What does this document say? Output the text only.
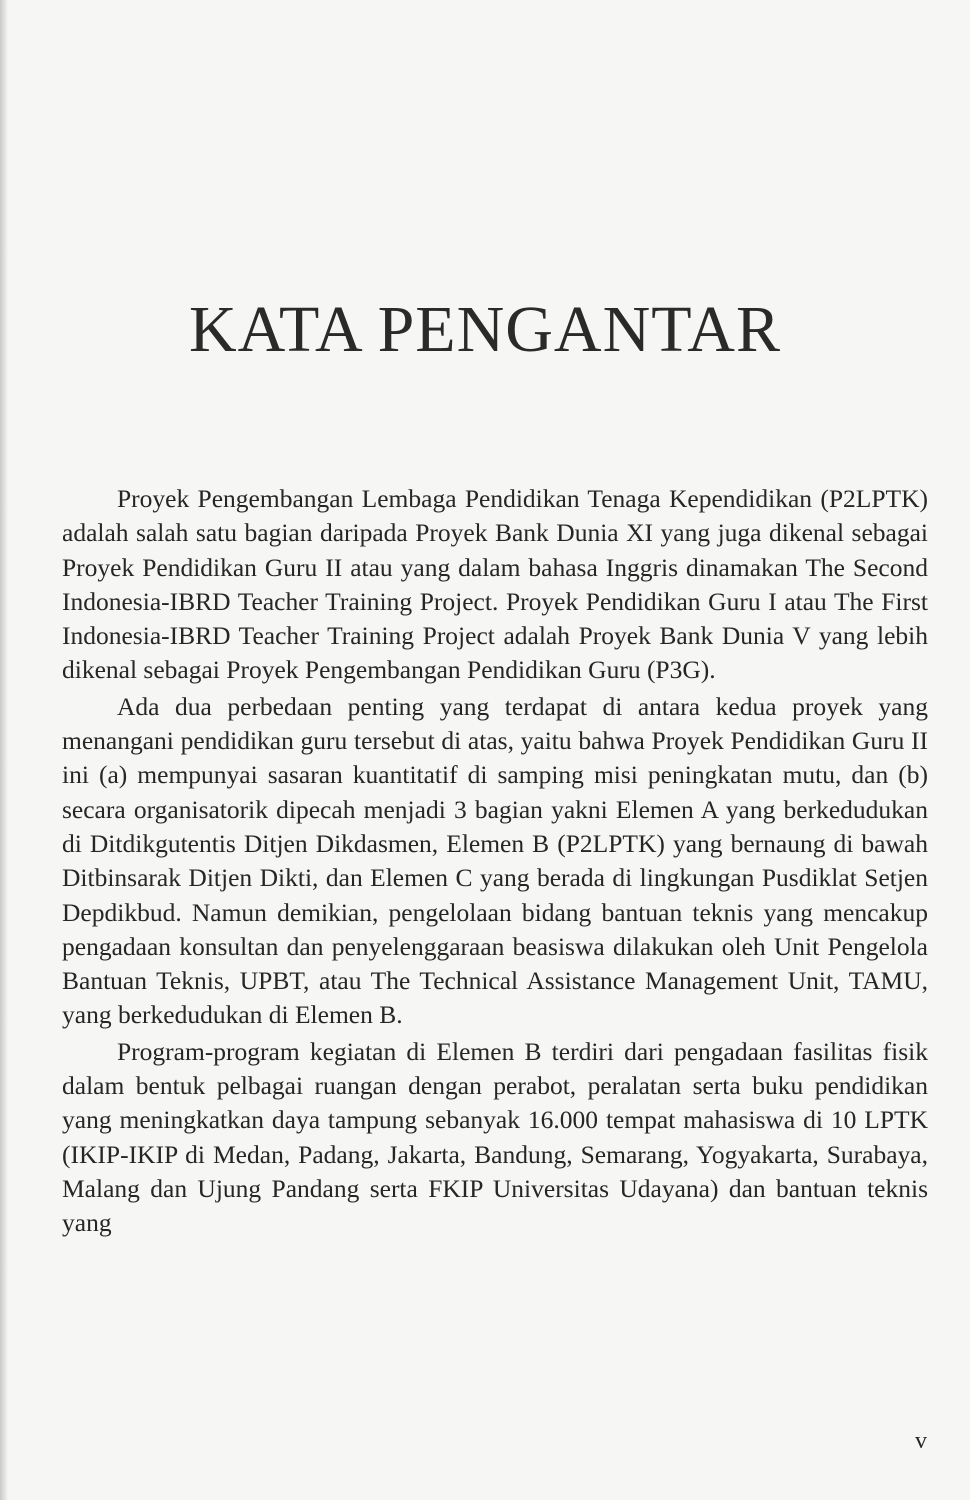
KATA PENGANTAR

Proyek Pengembangan Lembaga Pendidikan Tenaga Kependidikan (P2LPTK) adalah salah satu bagian daripada Proyek Bank Dunia XI yang juga dikenal sebagai Proyek Pendidikan Guru II atau yang dalam bahasa Inggris dinamakan The Second Indonesia-IBRD Teacher Training Project. Proyek Pendidikan Guru I atau The First Indonesia-IBRD Teacher Training Project adalah Proyek Bank Dunia V yang lebih dikenal sebagai Proyek Pengembangan Pendidikan Guru (P3G).

Ada dua perbedaan penting yang terdapat di antara kedua proyek yang menangani pendidikan guru tersebut di atas, yaitu bahwa Proyek Pendidikan Guru II ini (a) mempunyai sasaran kuantitatif di samping misi peningkatan mutu, dan (b) secara organisatorik dipecah menjadi 3 bagian yakni Elemen A yang berkedudukan di Ditdikgutentis Ditjen Dikdasmen, Elemen B (P2LPTK) yang bernaung di bawah Ditbinsarak Ditjen Dikti, dan Elemen C yang berada di lingkungan Pusdiklat Setjen Depdikbud. Namun demikian, pengelolaan bidang bantuan teknis yang mencakup pengadaan konsultan dan penyelenggaraan beasiswa dilakukan oleh Unit Pengelola Bantuan Teknis, UPBT, atau The Technical Assistance Management Unit, TAMU, yang berkedudukan di Elemen B.

Program-program kegiatan di Elemen B terdiri dari pengadaan fasilitas fisik dalam bentuk pelbagai ruangan dengan perabot, peralatan serta buku pendidikan yang meningkatkan daya tampung sebanyak 16.000 tempat mahasiswa di 10 LPTK (IKIP-IKIP di Medan, Padang, Jakarta, Bandung, Semarang, Yogyakarta, Surabaya, Malang dan Ujung Pandang serta FKIP Universitas Udayana) dan bantuan teknis yang

v
